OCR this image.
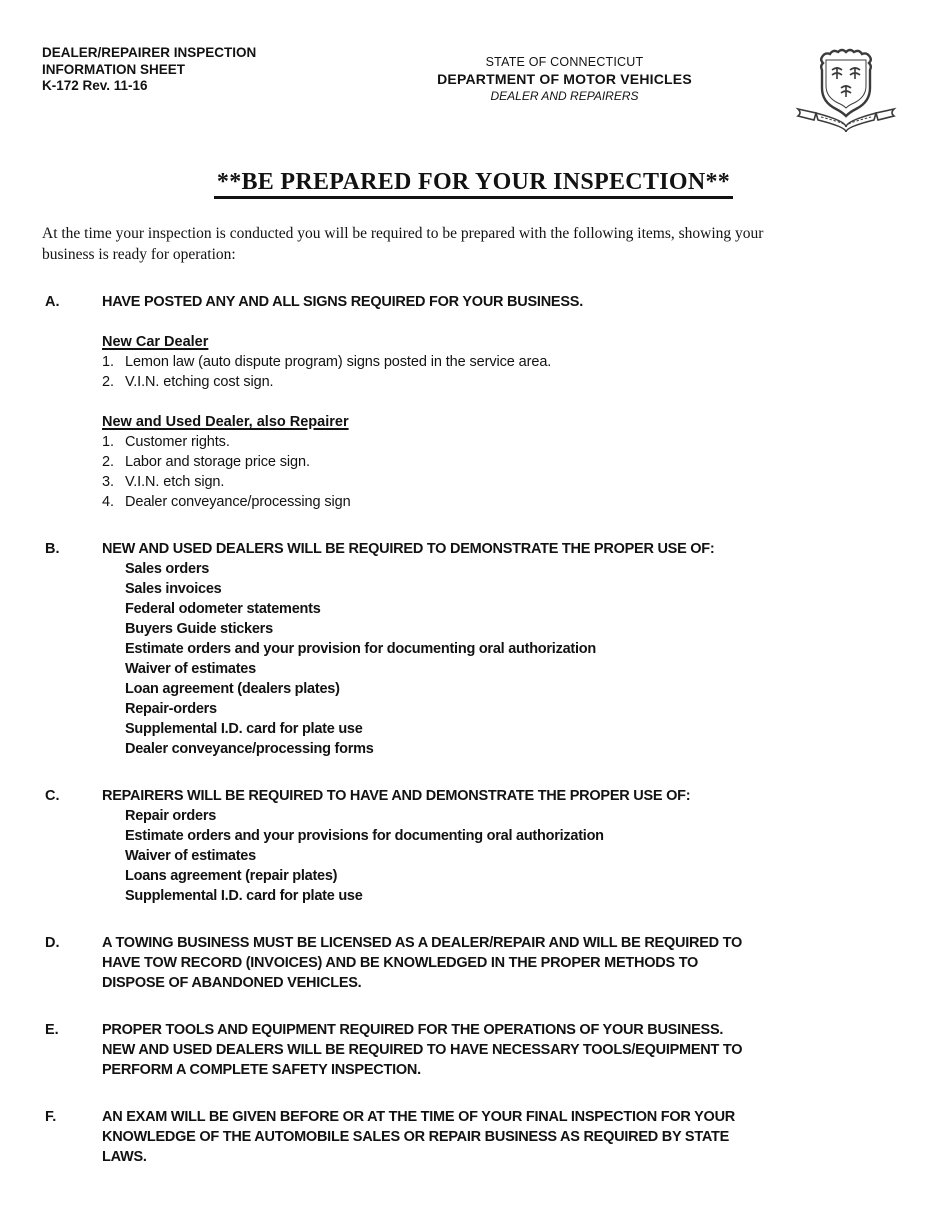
DEALER/REPAIRER INSPECTION
INFORMATION SHEET
K-172 Rev. 11-16
STATE OF CONNECTICUT
DEPARTMENT OF MOTOR VEHICLES
DEALER AND REPAIRERS
**BE PREPARED FOR YOUR INSPECTION**

At the time your inspection is conducted you will be required to be prepared with the following items, showing your business is ready for operation:

A.	HAVE POSTED ANY AND ALL SIGNS REQUIRED FOR YOUR BUSINESS.
New Car Dealer
1. Lemon law (auto dispute program) signs posted in the service area.
2. V.I.N. etching cost sign.
New and Used Dealer, also Repairer
1. Customer rights.
2. Labor and storage price sign.
3. V.I.N. etch sign.
4. Dealer conveyance/processing sign
B.	NEW AND USED DEALERS WILL BE REQUIRED TO DEMONSTRATE THE PROPER USE OF:
Sales orders
Sales invoices
Federal odometer statements
Buyers Guide stickers
Estimate orders and your provision for documenting oral authorization
Waiver of estimates
Loan agreement (dealers plates)
Repair-orders
Supplemental I.D. card for plate use
Dealer conveyance/processing forms
C.	REPAIRERS WILL BE REQUIRED TO HAVE AND DEMONSTRATE THE PROPER USE OF:
Repair orders
Estimate orders and your provisions for documenting oral authorization
Waiver of estimates
Loans agreement (repair plates)
Supplemental I.D. card for plate use
D.	A TOWING BUSINESS MUST BE LICENSED AS A DEALER/REPAIR AND WILL BE REQUIRED TO
HAVE TOW RECORD (INVOICES) AND BE KNOWLEDGED IN THE PROPER METHODS TO
DISPOSE OF ABANDONED VEHICLES.
E.	PROPER TOOLS AND EQUIPMENT REQUIRED FOR THE OPERATIONS OF YOUR BUSINESS.
NEW AND USED DEALERS WILL BE REQUIRED TO HAVE NECESSARY TOOLS/EQUIPMENT TO
PERFORM A COMPLETE SAFETY INSPECTION.
F.	AN EXAM WILL BE GIVEN BEFORE OR AT THE TIME OF YOUR FINAL INSPECTION FOR YOUR
KNOWLEDGE OF THE AUTOMOBILE SALES OR REPAIR BUSINESS AS REQUIRED BY STATE
LAWS.
